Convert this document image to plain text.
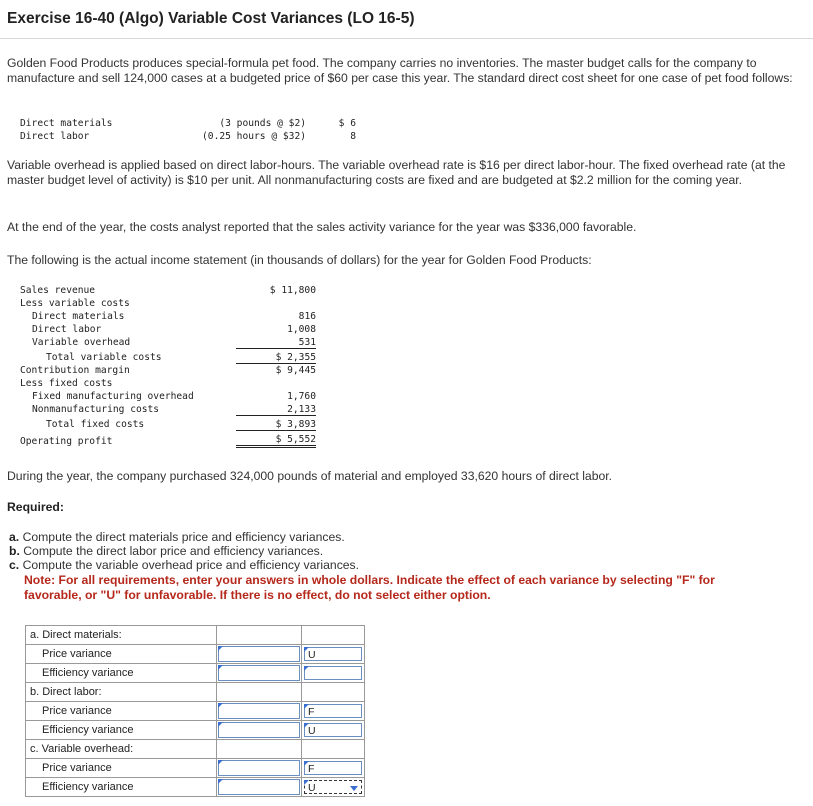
Exercise 16-40 (Algo) Variable Cost Variances (LO 16-5)
Golden Food Products produces special-formula pet food. The company carries no inventories. The master budget calls for the company to manufacture and sell 124,000 cases at a budgeted price of $60 per case this year. The standard direct cost sheet for one case of pet food follows:
Direct materials	(3 pounds @ $2)	$ 6
Direct labor	(0.25 hours @ $32)	8
Variable overhead is applied based on direct labor-hours. The variable overhead rate is $16 per direct labor-hour. The fixed overhead rate (at the master budget level of activity) is $10 per unit. All nonmanufacturing costs are fixed and are budgeted at $2.2 million for the coming year.
At the end of the year, the costs analyst reported that the sales activity variance for the year was $336,000 favorable.
The following is the actual income statement (in thousands of dollars) for the year for Golden Food Products:
Sales revenue	$ 11,800
Less variable costs
Direct materials	816
Direct labor	1,008
Variable overhead	531
Total variable costs	$ 2,355
Contribution margin	$ 9,445
Less fixed costs
Fixed manufacturing overhead	1,760
Nonmanufacturing costs	2,133
Total fixed costs	$ 3,893
Operating profit	$ 5,552
During the year, the company purchased 324,000 pounds of material and employed 33,620 hours of direct labor.
Required:
a. Compute the direct materials price and efficiency variances.
b. Compute the direct labor price and efficiency variances.
c. Compute the variable overhead price and efficiency variances.
Note: For all requirements, enter your answers in whole dollars. Indicate the effect of each variance by selecting "F" for favorable, or "U" for unfavorable. If there is no effect, do not select either option.
a. Direct materials:		
Price variance		U

Efficiency variance	

b. Direct labor:		
Price variance		F

Efficiency variance		U

c. Variable overhead:		
Price variance		F

Efficiency variance		U
